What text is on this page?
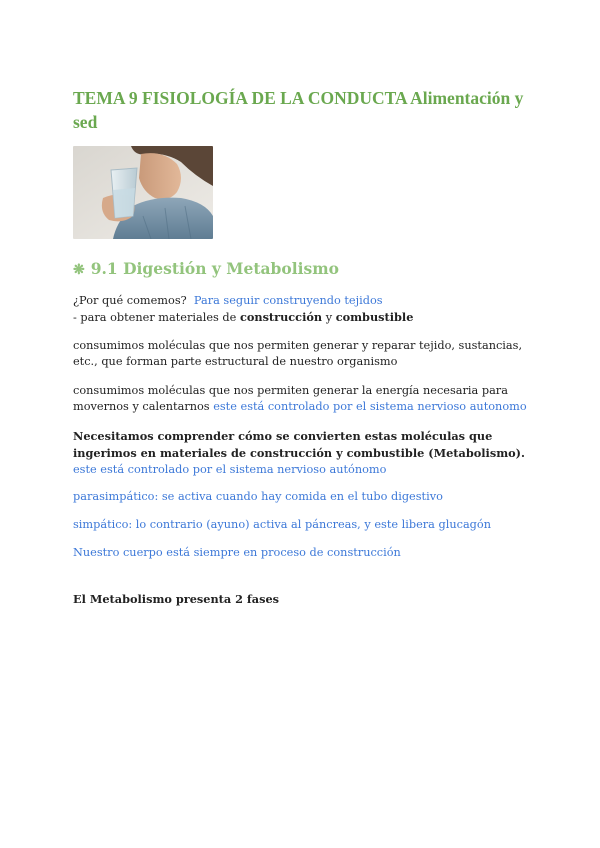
TEMA 9 FISIOLOGÍA DE LA CONDUCTA Alimentación y sed
❋ 9.1 Digestión y Metabolismo

¿Por qué comemos? Para seguir construyendo tejidos
- para obtener materiales de construcción y combustible

consumimos moléculas que nos permiten generar y reparar tejido, sustancias, etc., que forman parte estructural de nuestro organismo

consumimos moléculas que nos permiten generar la energía necesaria para movernos y calentarnos este está controlado por el sistema nervioso autonomo

Necesitamos comprender cómo se convierten estas moléculas que ingerimos en materiales de construcción y combustible (Metabolismo). este está controlado por el sistema nervioso autónomo

parasimpático: se activa cuando hay comida en el tubo digestivo

simpático: lo contrario (ayuno) activa al páncreas, y este libera glucagón

Nuestro cuerpo está siempre en proceso de construcción

El Metabolismo presenta 2 fases
